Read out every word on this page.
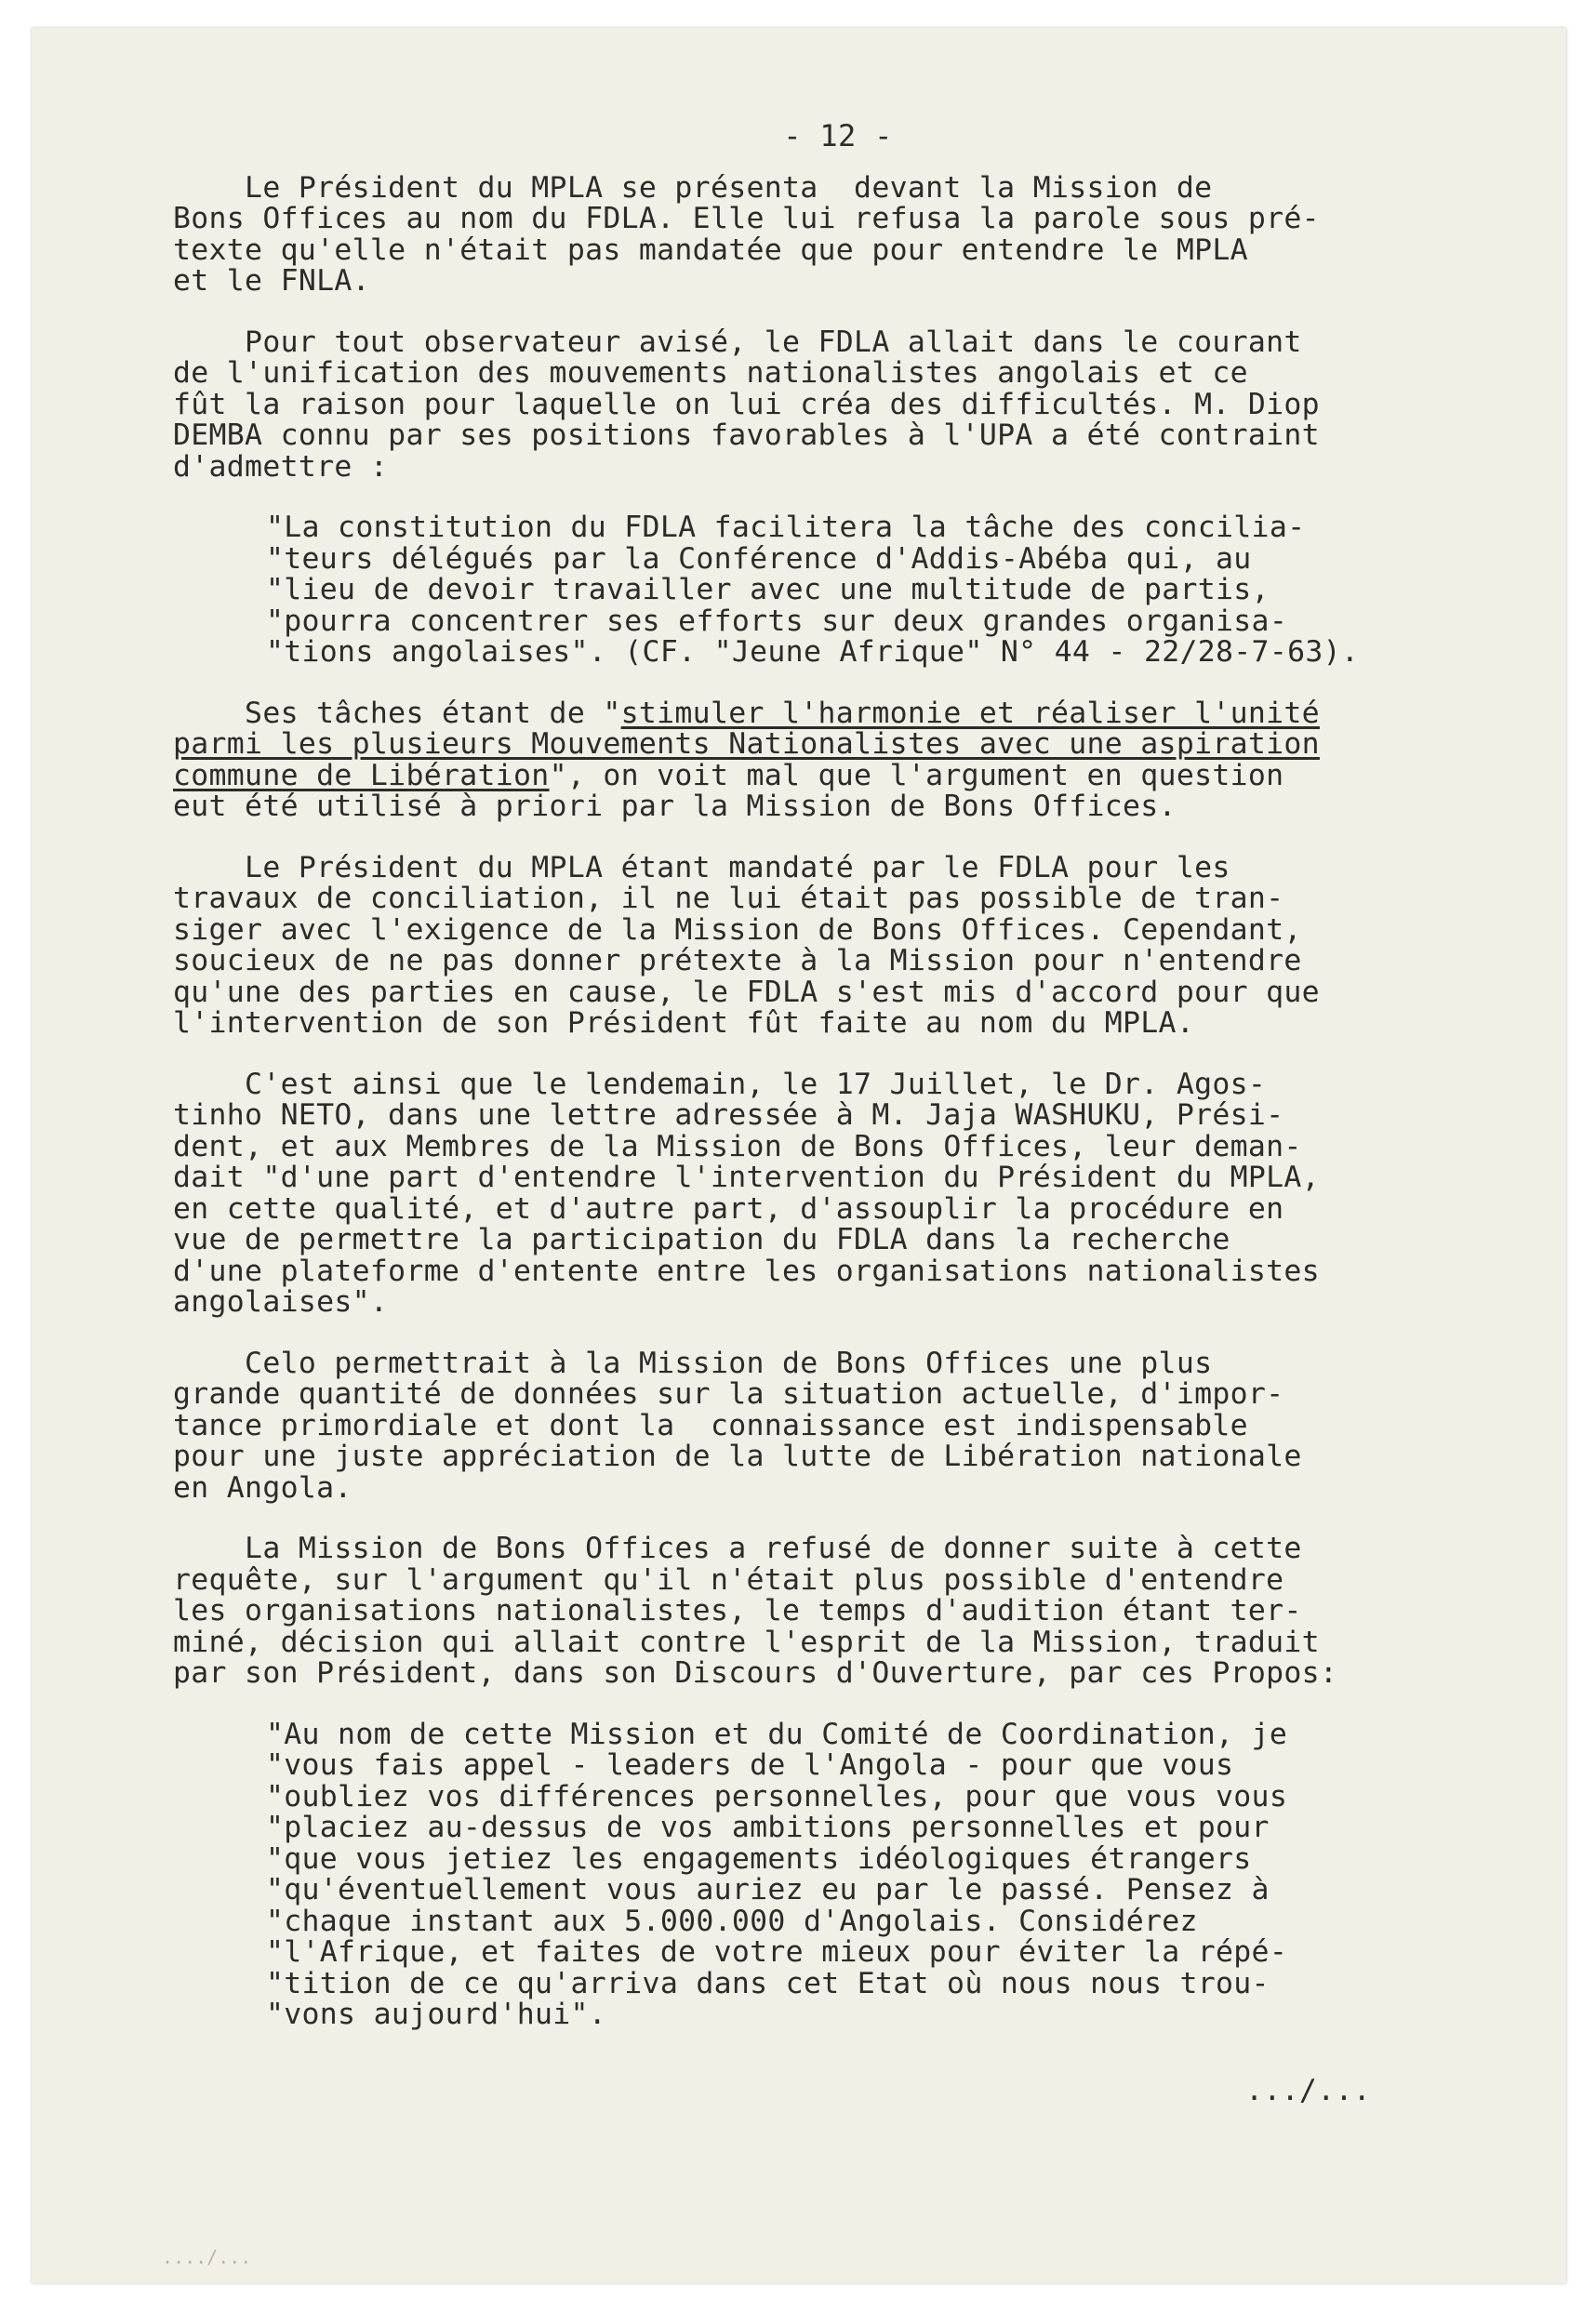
- 12 -

Le Président du MPLA se présenta  devant la Mission de
Bons Offices au nom du FDLA. Elle lui refusa la parole sous pré-
texte qu'elle n'était pas mandatée que pour entendre le MPLA
et le FNLA.

Pour tout observateur avisé, le FDLA allait dans le courant
de l'unification des mouvements nationalistes angolais et ce
fût la raison pour laquelle on lui créa des difficultés. M. Diop
DEMBA connu par ses positions favorables à l'UPA a été contraint
d'admettre :

"La constitution du FDLA facilitera la tâche des concilia-
"teurs délégués par la Conférence d'Addis-Abéba qui, au
"lieu de devoir travailler avec une multitude de partis,
"pourra concentrer ses efforts sur deux grandes organisa-
"tions angolaises". (CF. "Jeune Afrique" N° 44 - 22/28-7-63).

Ses tâches étant de "stimuler l'harmonie et réaliser l'unité
parmi les plusieurs Mouvements Nationalistes avec une aspiration
commune de Libération", on voit mal que l'argument en question
eut été utilisé à priori par la Mission de Bons Offices.

Le Président du MPLA étant mandaté par le FDLA pour les
travaux de conciliation, il ne lui était pas possible de tran-
siger avec l'exigence de la Mission de Bons Offices. Cependant,
soucieux de ne pas donner prétexte à la Mission pour n'entendre
qu'une des parties en cause, le FDLA s'est mis d'accord pour que
l'intervention de son Président fût faite au nom du MPLA.

C'est ainsi que le lendemain, le 17 Juillet, le Dr. Agos-
tinho NETO, dans une lettre adressée à M. Jaja WASHUKU, Prési-
dent, et aux Membres de la Mission de Bons Offices, leur deman-
dait "d'une part d'entendre l'intervention du Président du MPLA,
en cette qualité, et d'autre part, d'assouplir la procédure en
vue de permettre la participation du FDLA dans la recherche
d'une plateforme d'entente entre les organisations nationalistes
angolaises".

Celo permettrait à la Mission de Bons Offices une plus
grande quantité de données sur la situation actuelle, d'impor-
tance primordiale et dont la  connaissance est indispensable
pour une juste appréciation de la lutte de Libération nationale
en Angola.

La Mission de Bons Offices a refusé de donner suite à cette
requête, sur l'argument qu'il n'était plus possible d'entendre
les organisations nationalistes, le temps d'audition étant ter-
miné, décision qui allait contre l'esprit de la Mission, traduit
par son Président, dans son Discours d'Ouverture, par ces Propos:

"Au nom de cette Mission et du Comité de Coordination, je
"vous fais appel - leaders de l'Angola - pour que vous
"oubliez vos différences personnelles, pour que vous vous
"placiez au-dessus de vos ambitions personnelles et pour
"que vous jetiez les engagements idéologiques étrangers
"qu'éventuellement vous auriez eu par le passé. Pensez à
"chaque instant aux 5.000.000 d'Angolais. Considérez
"l'Afrique, et faites de votre mieux pour éviter la répé-
"tition de ce qu'arriva dans cet Etat où nous nous trou-
"vons aujourd'hui".

.../...
..../...
